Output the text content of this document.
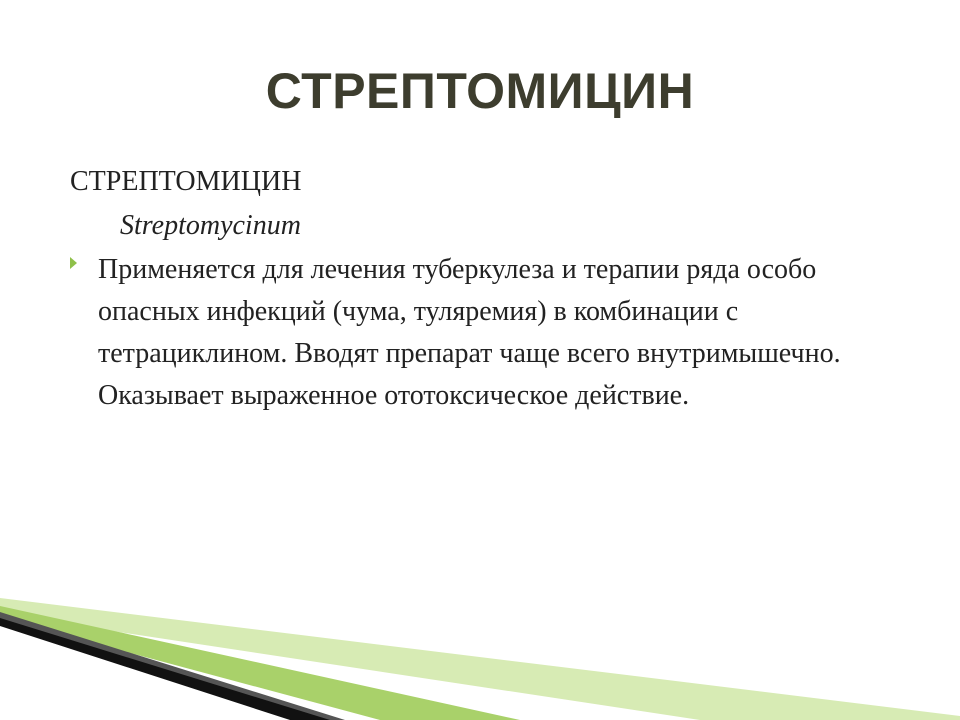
СТРЕПТОМИЦИН

СТРЕПТОМИЦИН

Streptomycinum

Применяется для лечения туберкулеза и терапии ряда особо опасных инфекций (чума, туляремия) в комбинации с тетрациклином. Вводят препарат чаще всего внутримышечно. Оказывает выраженное ототоксическое действие.
